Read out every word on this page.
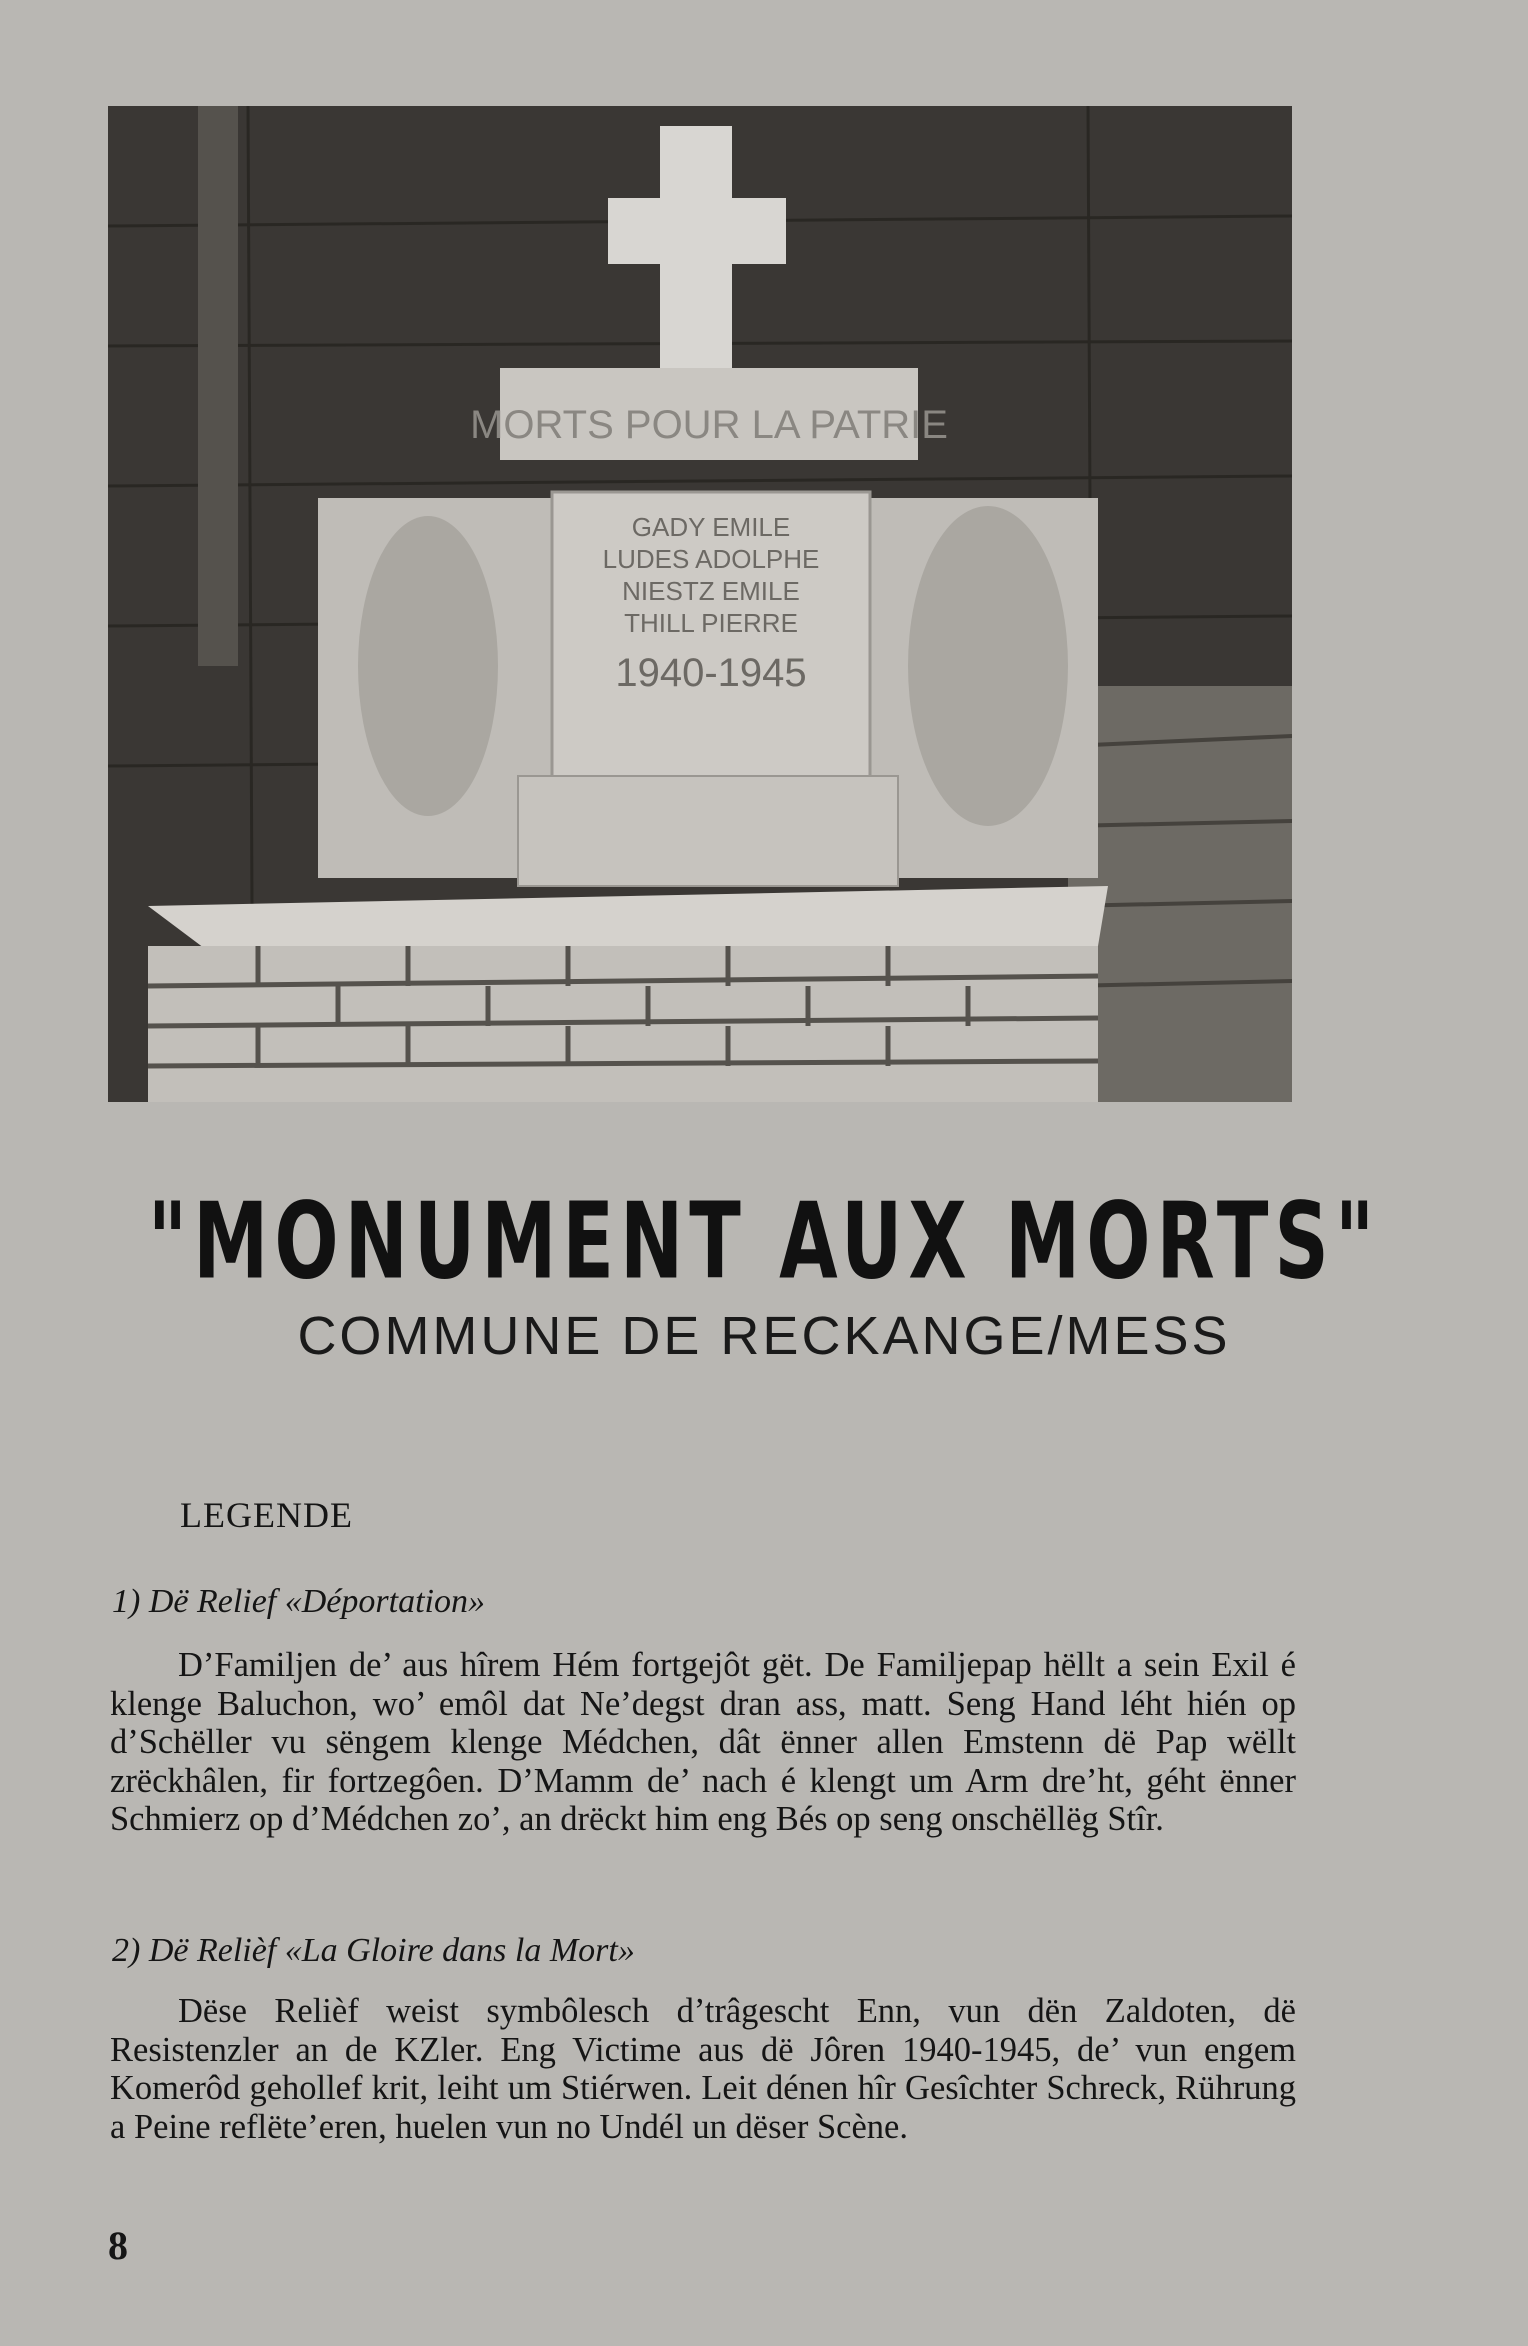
MORTS POUR LA PATRIE
GADY EMILE
LUDES ADOLPHE
NIESTZ EMILE
THILL PIERRE
1940-1945
"MONUMENT AUX MORTS"
COMMUNE DE RECKANGE/MESS
LEGENDE
1) Dë Relief «Déportation»
D’Familjen de’ aus hîrem Hém fortgejôt gët. De Familjepap hëllt a sein Exil é klenge Baluchon, wo’ emôl dat Ne’degst dran ass, matt. Seng Hand léht hién op d’Schëller vu sëngem klenge Médchen, dât ënner allen Emstenn dë Pap wëllt zrëckhâlen, fir fortzegôen. D’Mamm de’ nach é klengt um Arm dre’ht, géht ënner Schmierz op d’Médchen zo’, an drëckt him eng Bés op seng onschëllëg Stîr.
2) Dë Relièf «La Gloire dans la Mort»
Dëse Relièf weist symbôlesch d’trâgescht Enn, vun dën Zaldoten, dë Resistenzler an de KZler. Eng Victime aus dë Jôren 1940-1945, de’ vun engem Komerôd gehollef krit, leiht um Stiérwen. Leit dénen hîr Gesîchter Schreck, Rührung a Peine reflëte’eren, huelen vun no Undél un dëser Scène.
8
